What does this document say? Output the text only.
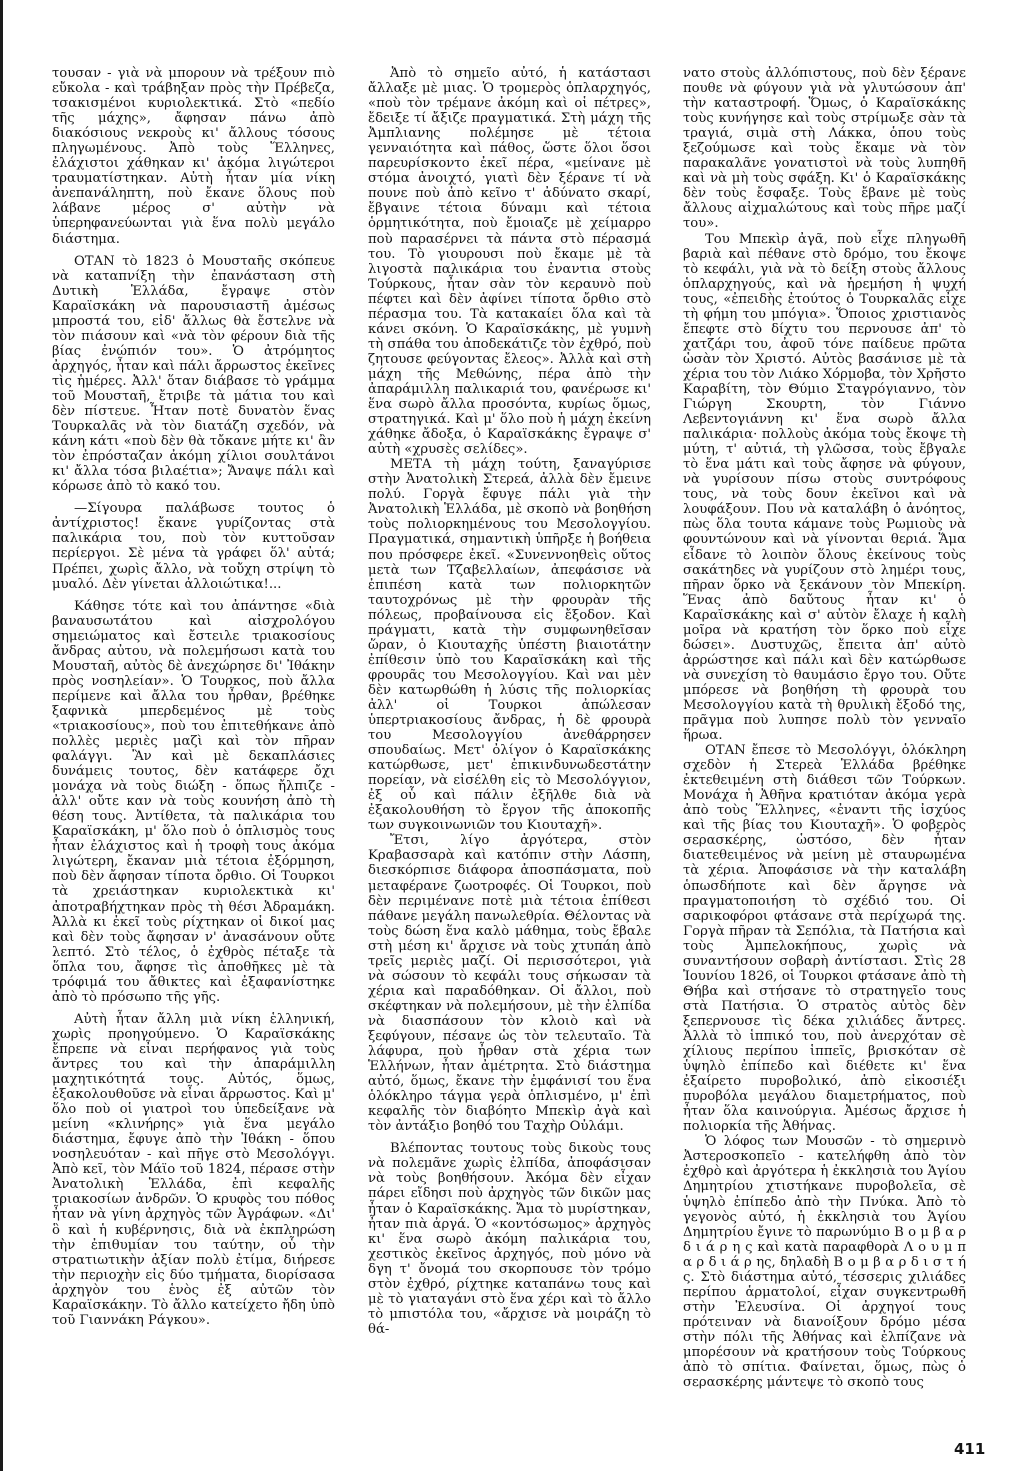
τουσαν - γιὰ νὰ μπορουν νὰ τρέξουν πιὸ εὔκολα - καὶ τράβηξαν πρὸς τὴν Πρέβεζα, τσακισμένοι κυριολεκτικά. Στὸ «πεδίο τῆς μάχης», ἄφησαν πάνω ἀπὸ διακόσιους νεκροὺς κι' ἄλλους τόσους πληγωμένους. Ἀπὸ τοὺς Ἕλληνες, ἐλάχιστοι χάθηκαν κι' ἀκόμα λιγώτεροι τραυματίστηκαν. Αὐτὴ ἦταν μία νίκη ἀνεπανάληπτη, ποὺ ἔκανε ὅλους ποὺ λάβανε μέρος σ' αὐτὴν νὰ ὑπερηφανεύωνται γιὰ ἕνα πολὺ μεγάλο διάστημα.

ΟΤΑΝ τὸ 1823 ὁ Μουσταῆς σκόπευε νὰ καταπνίξη τὴν ἐπανάσταση στὴ Δυτικὴ Ἑλλάδα, ἔγραψε στὸν Καραϊσκάκη νὰ παρουσιαστῆ ἀμέσως μπροστά του, εἰδ' ἄλλως θὰ ἔστελνε νὰ τὸν πιάσουν καὶ «νὰ τὸν φέρουν διὰ τῆς βίας ἐνώπιόν του». Ὁ ἀτρόμητος ἀρχηγός, ἦταν καὶ πάλι ἄρρωστος ἐκεῖνες τὶς ἡμέρες. Ἀλλ' ὅταν διάβασε τὸ γράμμα τοῦ Μουσταῆ, ἔτριβε τὰ μάτια του καὶ δὲν πίστευε. Ἦταν ποτὲ δυνατὸν ἕνας Τουρκαλᾶς νὰ τὸν διατάζη σχεδόν, νὰ κάνη κάτι «ποὺ δὲν θὰ τὄκανε μήτε κι' ἂν τὸν ἐπρόσταζαν ἀκόμη χίλιοι σουλτάνοι κι' ἄλλα τόσα βιλαέτια»; Ἄναψε πάλι καὶ κόρωσε ἀπὸ τὸ κακό του.

—Σίγουρα παλάβωσε τουτος ὁ ἀντίχριστος! ἔκανε γυρίζοντας στὰ παλικάρια του, ποὺ τὸν κυττοῦσαν περίεργοι. Σὲ μένα τὰ γράφει ὅλ' αὐτά; Πρέπει, χωρὶς ἄλλο, νὰ τοὔχη στρίψη τὸ μυαλό. Δὲν γίνεται ἀλλοιώτικα!...

Κάθησε τότε καὶ του ἀπάντησε «διὰ βαναυσωτάτου καὶ αἰσχρολόγου σημειώματος καὶ ἔστειλε τριακοσίους ἄνδρας αὐτου, νὰ πολεμήσωσι κατὰ του Μουσταῆ, αὐτὸς δὲ ἀνεχώρησε δι' Ἰθάκην πρὸς νοσηλείαν». Ὁ Τουρκος, ποὺ ἄλλα περίμενε καὶ ἄλλα του ἦρθαν, βρέθηκε ξαφνικὰ μπερδεμένος μὲ τοὺς «τριακοσίους», ποὺ του ἐπιτεθήκανε ἀπὸ πολλὲς μεριὲς μαζὶ καὶ τὸν πῆραν φαλάγγι. Ἂν καὶ μὲ δεκαπλάσιες δυνάμεις τουτος, δὲν κατάφερε ὄχι μονάχα νὰ τοὺς διώξη - ὅπως ἤλπιζε - ἀλλ' οὔτε καν νὰ τοὺς κουνήση ἀπὸ τὴ θέση τους. Ἀντίθετα, τὰ παλικάρια του Καραϊσκάκη, μ' ὅλο ποὺ ὁ ὁπλισμὸς τους ἦταν ἐλάχιστος καὶ ἡ τροφὴ τους ἀκόμα λιγώτερη, ἔκαναν μιὰ τέτοια ἐξόρμηση, ποὺ δὲν ἄφησαν τίποτα ὄρθιο. Οἱ Τουρκοι τὰ χρειάστηκαν κυριολεκτικὰ κι' ἀποτραβήχτηκαν πρὸς τὴ θέσι Ἀδραμάκη. Ἀλλὰ κι ἐκεῖ τοὺς ρίχτηκαν οἱ δικοί μας καὶ δὲν τοὺς ἄφησαν ν' ἀνασάνουν οὔτε λεπτό. Στὸ τέλος, ὁ ἐχθρὸς πέταξε τὰ ὅπλα του, ἄφησε τὶς ἀποθῆκες μὲ τὰ τρόφιμά του ἄθικτες καὶ ἐξαφανίστηκε ἀπὸ τὸ πρόσωπο τῆς γῆς.

Αὐτὴ ἦταν ἄλλη μιὰ νίκη ἑλληνική, χωρὶς προηγούμενο. Ὁ Καραϊσκάκης ἔπρεπε νὰ εἶναι περήφανος γιὰ τοὺς ἄντρες του καὶ τὴν ἀπαράμιλλη μαχητικότητά τους. Αὐτός, ὅμως, ἐξακολουθοῦσε νὰ εἶναι ἄρρωστος. Καὶ μ' ὅλο ποὺ οἱ γιατροὶ του ὑπεδείξανε νὰ μείνη «κλινήρης» γιὰ ἕνα μεγάλο διάστημα, ἔφυγε ἀπὸ τὴν Ἰθάκη - ὅπου νοσηλευόταν - καὶ πῆγε στὸ Μεσολόγγι. Ἀπὸ κεῖ, τὸν Μάϊο τοῦ 1824, πέρασε στὴν Ἀνατολικὴ Ἑλλάδα, ἐπὶ κεφαλῆς τριακοσίων ἀνδρῶν. Ὁ κρυφὸς του πόθος ἦταν νὰ γίνη ἀρχηγὸς τῶν Ἀγράφων. «Δι' ὃ καὶ ἡ κυβέρνησις, διὰ νὰ ἐκπληρώση τὴν ἐπιθυμίαν του ταύτην, οὗ τὴν στρατιωτικὴν ἀξίαν πολὺ ἐτίμα, διήρεσε τὴν περιοχὴν εἰς δύο τμήματα, διορίσασα ἀρχηγὸν του ἑνὸς ἐξ αὐτῶν τὸν Καραϊσκάκην. Τὸ ἄλλο κατείχετο ἤδη ὑπὸ τοῦ Γιαννάκη Ράγκου».

Ἀπὸ τὸ σημεῖο αὐτό, ἡ κατάστασι ἄλλαξε μὲ μιας. Ὁ τρομερὸς ὁπλαρχηγός, «ποὺ τὸν τρέμανε ἀκόμη καὶ οἱ πέτρες», ἔδειξε τί ἄξιζε πραγματικά. Στὴ μάχη τῆς Ἀμπλιανης πολέμησε μὲ τέτοια γενναιότητα καὶ πάθος, ὥστε ὅλοι ὅσοι παρευρίσκοντο ἐκεῖ πέρα, «μείνανε μὲ στόμα ἀνοιχτό, γιατὶ δὲν ξέρανε τί νὰ πουνε ποὺ ἀπὸ κεῖνο τ' ἀδύνατο σκαρί, ἔβγαινε τέτοια δύναμι καὶ τέτοια ὁρμητικότητα, ποὺ ἔμοιαζε μὲ χείμαρρο ποὺ παρασέρνει τὰ πάντα στὸ πέρασμά του. Τὸ γιουρουσι ποὺ ἔκαμε μὲ τὰ λιγοστὰ παλικάρια του ἐναντια στοὺς Τούρκους, ἦταν σὰν τὸν κεραυνὸ ποὺ πέφτει καὶ δὲν ἀφίνει τίποτα ὄρθιο στὸ πέρασμα του. Τὰ κατακαίει ὅλα καὶ τὰ κάνει σκόνη. Ὁ Καραϊσκάκης, μὲ γυμνὴ τὴ σπάθα του ἀποδεκάτιζε τὸν ἐχθρό, ποὺ ζητουσε φεύγοντας ἔλεος». Ἀλλὰ καὶ στὴ μάχη τῆς Μεθώνης, πέρα ἀπὸ τὴν ἀπαράμιλλη παλικαριά του, φανέρωσε κι' ἕνα σωρὸ ἄλλα προσόντα, κυρίως ὅμως, στρατηγικά. Καὶ μ' ὅλο ποὺ ἡ μάχη ἐκείνη χάθηκε ἄδοξα, ὁ Καραϊσκάκης ἔγραψε σ' αὐτὴ «χρυσὲς σελίδες».

ΜΕΤΑ τὴ μάχη τούτη, ξαναγύρισε στὴν Ἀνατολικὴ Στερεά, ἀλλὰ δὲν ἔμεινε πολύ. Γοργὰ ἔφυγε πάλι γιὰ τὴν Ἀνατολικὴ Ἑλλάδα, μὲ σκοπὸ νὰ βοηθήση τοὺς πολιορκημένους του Μεσολογγίου. Πραγματικά, σημαντικὴ ὑπῆρξε ἡ βοήθεια που πρόσφερε ἐκεῖ. «Συνεννοηθεὶς οὕτος μετὰ των Τζαβελλαίων, ἀπεφάσισε νὰ ἐπιπέση κατὰ των πολιορκητῶν ταυτοχρόνως μὲ τὴν φρουρὰν τῆς πόλεως, προβαίνουσα εἰς ἔξοδον. Καὶ πράγματι, κατὰ τὴν συμφωνηθεῖσαν ὥραν, ὁ Κιουταχῆς ὑπέστη βιαιοτάτην ἐπίθεσιν ὑπὸ του Καραϊσκάκη καὶ τῆς φρουρᾶς του Μεσολογγίου. Καὶ ναι μὲν δὲν κατωρθώθη ἡ λύσις τῆς πολιορκίας ἀλλ' οἱ Τουρκοι ἀπώλεσαν ὑπερτριακοσίους ἄνδρας, ἡ δὲ φρουρὰ του Μεσολογγίου ἀνεθάρρησεν σπουδαίως. Μετ' ὀλίγον ὁ Καραϊσκάκης κατώρθωσε, μετ' ἐπικινδυνωδεστάτην πορείαν, νὰ εἰσέλθη εἰς τὸ Μεσολόγγιον, ἐξ οὗ καὶ πάλιν ἐξῆλθε διὰ νὰ ἐξακολουθήση τὸ ἔργον τῆς ἀποκοπῆς των συγκοινωνιῶν του Κιουταχῆ».

Ἔτσι, λίγο ἀργότερα, στὸν Κραβασσαρὰ καὶ κατόπιν στὴν Λάσπη, διεσκόρπισε διάφορα ἀποσπάσματα, ποὺ μεταφέρανε ζωοτροφές. Οἱ Τουρκοι, ποὺ δὲν περιμένανε ποτὲ μιὰ τέτοια ἐπίθεσι πάθανε μεγάλη πανωλεθρία. Θέλοντας νὰ τοὺς δώση ἕνα καλὸ μάθημα, τοὺς ἔβαλε στὴ μέση κι' ἄρχισε νὰ τοὺς χτυπάη ἀπὸ τρεῖς μεριὲς μαζί. Οἱ περισσότεροι, γιὰ νὰ σώσουν τὸ κεφάλι τους σήκωσαν τὰ χέρια καὶ παραδόθηκαν. Οἱ ἄλλοι, ποὺ σκέφτηκαν νὰ πολεμήσουν, μὲ τὴν ἐλπίδα νὰ διασπάσουν τὸν κλοιὸ καὶ νὰ ξεφύγουν, πέσανε ὡς τὸν τελευταῖο. Τὰ λάφυρα, ποὺ ἦρθαν στὰ χέρια των Ἑλλήνων, ἦταν ἀμέτρητα. Στὸ διάστημα αὐτό, ὅμως, ἔκανε τὴν ἐμφάνισί του ἕνα ὁλόκληρο τάγμα γερὰ ὁπλισμένο, μ' ἐπὶ κεφαλῆς τὸν διαβόητο Μπεκὶρ ἀγὰ καὶ τὸν ἀντάξιο βοηθό του Ταχὴρ Οὐλάμι.

Βλέποντας τουτους τοὺς δικοὺς τους νὰ πολεμᾶνε χωρὶς ἐλπίδα, ἀποφάσισαν νὰ τοὺς βοηθήσουν. Ἀκόμα δὲν εἶχαν πάρει εἴδησι ποὺ ἀρχηγὸς τῶν δικῶν μας ἦταν ὁ Καραϊσκάκης. Ἄμα τὸ μυρίστηκαν, ἦταν πιὰ ἀργά. Ὁ «κοντόσωμος» ἀρχηγὸς κι' ἕνα σωρὸ ἀκόμη παλικάρια του, χεστικὸς ἐκεῖνος ἀρχηγός, ποὺ μόνο νὰ δγη τ' ὄνομά του σκορπουσε τὸν τρόμο στὸν ἐχθρό, ρίχτηκε καταπάνω τους καὶ μὲ τὸ γιαταγάνι στὸ ἕνα χέρι καὶ τὸ ἄλλο τὸ μπιστόλα του, «ἄρχισε νὰ μοιράζη τὸ θά-

νατο στοὺς ἀλλόπιστους, ποὺ δὲν ξέρανε πουθε νὰ φύγουν γιὰ νὰ γλυτώσουν ἀπ' τὴν καταστροφή. Ὅμως, ὁ Καραϊσκάκης τοὺς κυνήγησε καὶ τοὺς στρίμωξε σὰν τὰ τραγιά, σιμὰ στὴ Λάκκα, ὁπου τοὺς ξεζούμωσε καὶ τοὺς ἔκαμε νὰ τὸν παρακαλᾶνε γονατιστοὶ νὰ τοὺς λυπηθῆ καὶ νὰ μὴ τοὺς σφάξη. Κι' ὁ Καραϊσκάκης δὲν τοὺς ἔσφαξε. Τοὺς ἔβανε μὲ τοὺς ἄλλους αἰχμαλώτους καὶ τοὺς πῆρε μαζί του».

Του Μπεκὶρ ἀγᾶ, ποὺ εἶχε πληγωθῆ βαριὰ καὶ πέθανε στὸ δρόμο, του ἔκοψε τὸ κεφάλι, γιὰ νὰ τὸ δείξη στοὺς ἄλλους ὁπλαρχηγούς, καὶ νὰ ἡρεμήση ἡ ψυχή τους, «ἐπειδὴς ἐτούτος ὁ Τουρκαλᾶς εἶχε τὴ φήμη του μπόγια». Ὅποιος χριστιανὸς ἔπεφτε στὸ δίχτυ του περνουσε ἀπ' τὸ χατζάρι του, ἀφοῦ τόνε παίδευε πρῶτα ὡσὰν τὸν Χριστό. Αὐτὸς βασάνισε μὲ τὰ χέρια του τὸν Λιάκο Χόρμοβα, τὸν Χρῆστο Καραβίτη, τὸν Θύμιο Σταγρόγιαννο, τὸν Γιώργη Σκουρτη, τὸν Γιάννο Λεβεντογιάννη κι' ἕνα σωρὸ ἄλλα παλικάρια· πολλοὺς ἀκόμα τοὺς ἔκοψε τὴ μύτη, τ' αὐτιά, τὴ γλῶσσα, τοὺς ἔβγαλε τὸ ἕνα μάτι καὶ τοὺς ἄφησε νὰ φύγουν, νὰ γυρίσουν πίσω στοὺς συντρόφους τους, νὰ τοὺς δουν ἐκεῖνοι καὶ νὰ λουφάξουν. Που νὰ καταλάβη ὁ ἀνόητος, πὼς ὅλα τουτα κάμανε τοὺς Ρωμιοὺς νὰ φουντώνουν καὶ νὰ γίνονται θεριά. Ἅμα εἶδανε τὸ λοιπὸν ὅλους ἐκείνους τοὺς σακάτηδες νὰ γυρίζουν στὸ λημέρι τους, πῆραν ὅρκο νὰ ξεκάνουν τὸν Μπεκίρη. Ἕνας ἀπὸ δαὔτους ἦταν κι' ὁ Καραϊσκάκης καὶ σ' αὐτὸν ἔλαχε ἡ καλὴ μοῖρα νὰ κρατήση τὸν ὅρκο ποὺ εἶχε δώσει». Δυστυχῶς, ἔπειτα ἀπ' αὐτὸ ἀρρώστησε καὶ πάλι καὶ δὲν κατώρθωσε νὰ συνεχίση τὸ θαυμάσιο ἔργο του. Οὔτε μπόρεσε νὰ βοηθήση τὴ φρουρὰ του Μεσολογγίου κατὰ τὴ θρυλικὴ ἔξοδό της, πρᾶγμα ποὺ λυπησε πολὺ τὸν γενναῖο ἥρωα.

ΟΤΑΝ ἔπεσε τὸ Μεσολόγγι, ὁλόκληρη σχεδὸν ἡ Στερεὰ Ἑλλάδα βρέθηκε ἐκτεθειμένη στὴ διάθεσι τῶν Τούρκων. Μονάχα ἡ Ἀθῆνα κρατιόταν ἀκόμα γερὰ ἀπὸ τοὺς Ἕλληνες, «ἐναντι τῆς ἰσχύος καὶ τῆς βίας του Κιουταχῆ». Ὁ φοβερὸς σερασκέρης, ὡστόσο, δὲν ἦταν διατεθειμένος νὰ μείνη μὲ σταυρωμένα τὰ χέρια. Ἀποφάσισε νὰ τὴν καταλάβη ὁπωσδήποτε καὶ δὲν ἄργησε νὰ πραγματοποιήση τὸ σχέδιό του. Οἱ σαρικοφόροι φτάσανε στὰ περίχωρά της. Γοργὰ πῆραν τὰ Σεπόλια, τὰ Πατήσια καὶ τοὺς Ἀμπελοκήπους, χωρὶς νὰ συναντήσουν σοβαρὴ ἀντίστασι. Στὶς 28 Ἰουνίου 1826, οἱ Τουρκοι φτάσανε ἀπὸ τὴ Θήβα καὶ στήσανε τὸ στρατηγεῖο τους στὰ Πατήσια. Ὁ στρατὸς αὐτὸς δὲν ξεπερνουσε τὶς δέκα χιλιάδες ἄντρες. Ἀλλὰ τὸ ἱππικό του, ποὺ ἀνερχόταν σὲ χίλιους περίπου ἱππεῖς, βρισκόταν σὲ ὑψηλὸ ἐπίπεδο καὶ διέθετε κι' ἕνα ἐξαίρετο πυροβολικό, ἀπὸ εἰκοσιέξι πυροβόλα μεγάλου διαμετρήματος, ποὺ ἦταν ὅλα καινούργια. Ἀμέσως ἄρχισε ἡ πολιορκία τῆς Ἀθήνας.

Ὁ λόφος των Μουσῶν - τὸ σημερινὸ Ἀστεροσκοπεῖο - κατελήφθη ἀπὸ τὸν ἐχθρὸ καὶ ἀργότερα ἡ ἐκκλησιὰ του Ἁγίου Δημητρίου χτιστήκανε πυροβολεῖα, σὲ ὑψηλὸ ἐπίπεδο ἀπὸ τὴν Πνύκα. Ἀπὸ τὸ γεγονὸς αὐτό, ἡ ἐκκλησιὰ του Ἁγίου Δημητρίου ἔγινε τὸ παρωνύμιο Β ο μ β α ρ δ ι ά ρ η ς καὶ κατὰ παραφθορὰ Λ ο υ μ π α ρ δ ι ά ρ ης, δηλαδὴ Β ο μ β α ρ δ ι σ τ ή ς. Στὸ διάστημα αὐτό, τέσσερις χιλιάδες περίπου ἁρματολοί, εἶχαν συγκεντρωθῆ στὴν Ἐλευσίνα. Οἱ ἀρχηγοί τους πρότειναν νὰ διανοίξουν δρόμο μέσα στὴν πόλι τῆς Ἀθήνας καὶ ἐλπίζανε νὰ μπορέσουν νὰ κρατήσουν τοὺς Τούρκους ἀπὸ τὸ σπίτια. Φαίνεται, ὅμως, πὼς ὁ σερασκέρης μάντεψε τὸ σκοπὸ τους

411
